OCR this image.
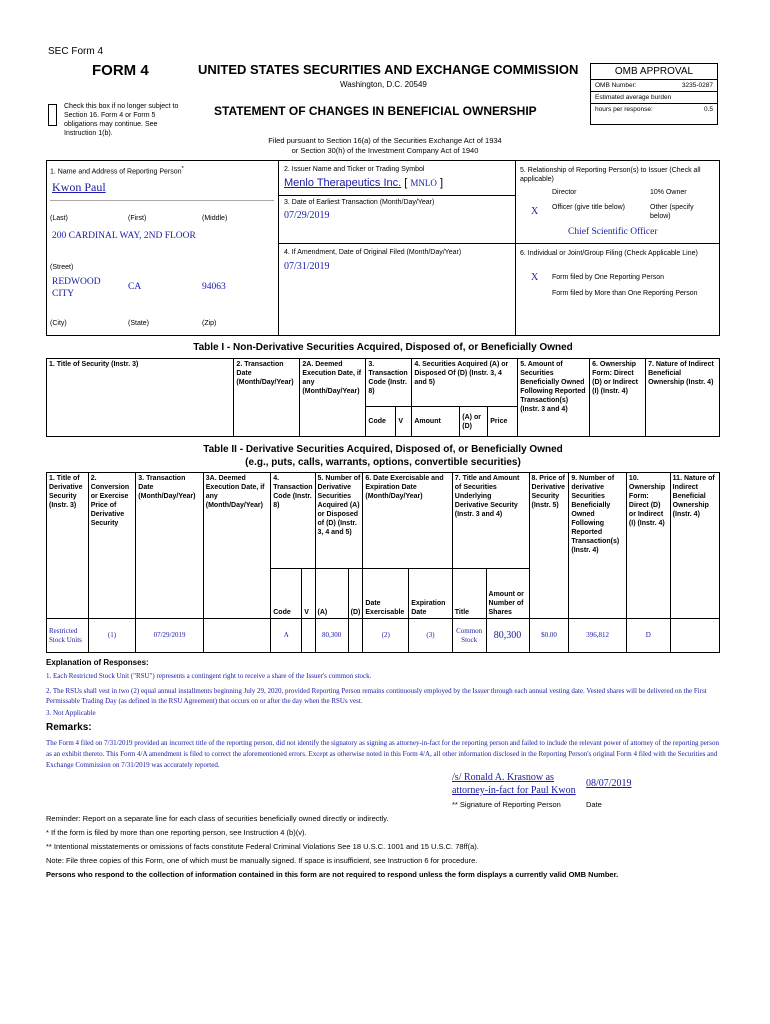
SEC Form 4
FORM 4	UNITED STATES SECURITIES AND EXCHANGE COMMISSION
Washington, D.C. 20549
Check this box if no longer subject to Section 16. Form 4 or Form 5 obligations may continue. See Instruction 1(b).
STATEMENT OF CHANGES IN BENEFICIAL OWNERSHIP
Filed pursuant to Section 16(a) of the Securities Exchange Act of 1934
or Section 30(h) of the Investment Company Act of 1940
OMB APPROVAL
OMB Number:	3235-0287
Estimated average burden
hours per response:	0.5
1. Name and Address of Reporting Person*
Kwon Paul
(Last)	(First)	(Middle)
200 CARDINAL WAY, 2ND FLOOR
(Street)
REDWOOD CITY
CA	94063
(City)	(State)	(Zip)
2. Issuer Name and Ticker or Trading Symbol
Menlo Therapeutics Inc. [ MNLO ]
3. Date of Earliest Transaction (Month/Day/Year)
07/29/2019
4. If Amendment, Date of Original Filed (Month/Day/Year)
07/31/2019
5. Relationship of Reporting Person(s) to Issuer (Check all applicable)
Director	10% Owner
X Officer (give title below)	Other (specify below)
Chief Scientific Officer
6. Individual or Joint/Group Filing (Check Applicable Line)
X Form filed by One Reporting Person
Form filed by More than One Reporting Person
Table I - Non-Derivative Securities Acquired, Disposed of, or Beneficially Owned
1. Title of Security (Instr. 3)	2. Transaction Date (Month/Day/Year)	2A. Deemed Execution Date, if any (Month/Day/Year)	3. Transaction Code (Instr. 8)		4. Securities Acquired (A) or Disposed Of (D) (Instr. 3, 4 and 5)			5. Amount of Securities Beneficially Owned Following Reported Transaction(s) (Instr. 3 and 4)	6. Ownership Form: Direct (D) or Indirect (I) (Instr. 4)	7. Nature of Indirect Beneficial Ownership (Instr. 4)
			Code	V	Amount	(A) or (D)	Price			
Table II - Derivative Securities Acquired, Disposed of, or Beneficially Owned
(e.g., puts, calls, warrants, options, convertible securities)
1. Title of Derivative Security (Instr. 3)	2. Conversion or Exercise Price of Derivative Security	3. Transaction Date (Month/Day/Year)	3A. Deemed Execution Date, if any (Month/Day/Year)	4. Transaction Code (Instr. 8)		5. Number of Derivative Securities Acquired (A) or Disposed of (D) (Instr. 3, 4 and 5)		6. Date Exercisable and Expiration Date (Month/Day/Year)		7. Title and Amount of Securities Underlying Derivative Security (Instr. 3 and 4)		8. Price of Derivative Security (Instr. 5)	9. Number of derivative Securities Beneficially Owned Following Reported Transaction(s) (Instr. 4)	10. Ownership Form: Direct (D) or Indirect (I) (Instr. 4)	11. Nature of Indirect Beneficial Ownership (Instr. 4)
				Code	V	(A)	(D)	Date Exercisable	Expiration Date	Title	Amount or Number of Shares				
Restricted Stock Units	(1)	07/29/2019		A		80,300		(2)	(3)	Common Stock	80,300	$0.00	396,812	D	
Explanation of Responses:
1. Each Restricted Stock Unit ("RSU") represents a contingent right to receive a share of the Issuer's common stock.
2. The RSUs shall vest in two (2) equal annual installments beginning July 29, 2020, provided Reporting Person remains continuously employed by the Issuer through each annual vesting date. Vested shares will be delivered on the First Permissable Trading Day (as defined in the RSU Agreement) that occurs on or after the day when the RSUs vest.
3. Not Applicable
Remarks:
The Form 4 filed on 7/31/2019 provided an incorrect title of the reporting person, did not identify the signatory as signing as attorney-in-fact for the reporting person and failed to include the relevant power of attorney of the reporting person as an exhibit thereto. This Form 4/A amendment is filed to correct the aforementioned errors. Except as otherwise noted in this Form 4/A, all other information disclosed in the Reporting Person's original Form 4 filed with the Securities and Exchange Commission on 7/31/2019 was accurately reported.
/s/ Ronald A. Krasnow as
attorney-in-fact for Paul Kwon
08/07/2019
** Signature of Reporting Person	Date
Reminder: Report on a separate line for each class of securities beneficially owned directly or indirectly.
* If the form is filed by more than one reporting person, see Instruction 4 (b)(v).
** Intentional misstatements or omissions of facts constitute Federal Criminal Violations See 18 U.S.C. 1001 and 15 U.S.C. 78ff(a).
Note: File three copies of this Form, one of which must be manually signed. If space is insufficient, see Instruction 6 for procedure.
Persons who respond to the collection of information contained in this form are not required to respond unless the form displays a currently valid OMB Number.
